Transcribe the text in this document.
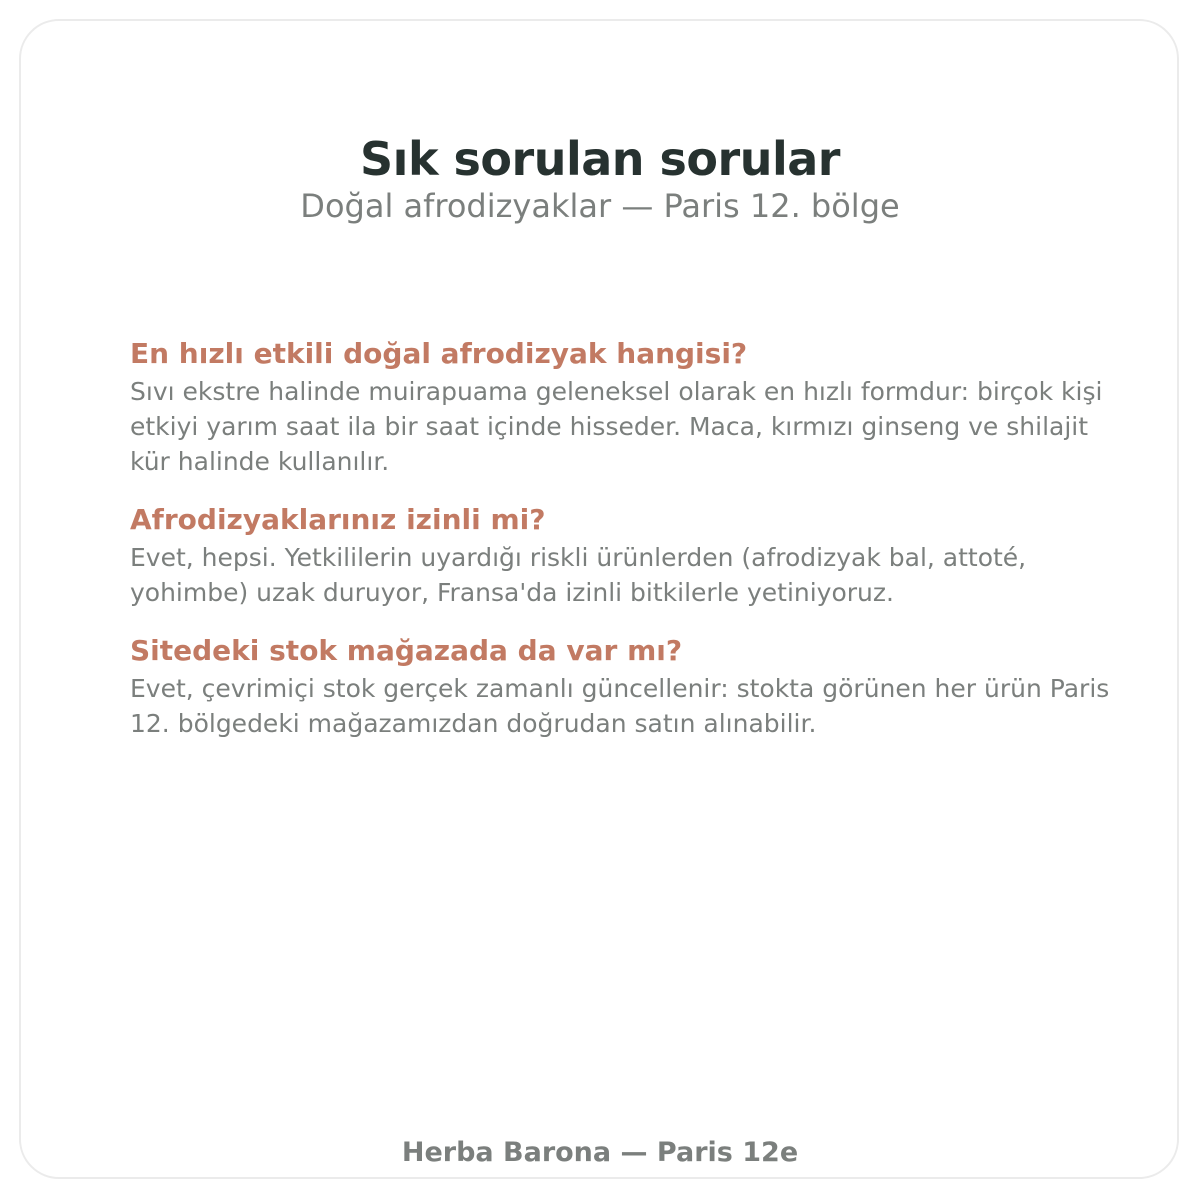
Sık sorulan sorular
Doğal afrodizyaklar — Paris 12. bölge
En hızlı etkili doğal afrodizyak hangisi?

Sıvı ekstre halinde muirapuama geleneksel olarak en hızlı formdur: birçok kişi etkiyi yarım saat ila bir saat içinde hisseder. Maca, kırmızı ginseng ve shilajit kür halinde kullanılır.

Afrodizyaklarınız izinli mi?

Evet, hepsi. Yetkililerin uyardığı riskli ürünlerden (afrodizyak bal, attoté, yohimbe) uzak duruyor, Fransa'da izinli bitkilerle yetiniyoruz.

Sitedeki stok mağazada da var mı?

Evet, çevrimiçi stok gerçek zamanlı güncellenir: stokta görünen her ürün Paris 12. bölgedeki mağazamızdan doğrudan satın alınabilir.

Herba Barona — Paris 12e
